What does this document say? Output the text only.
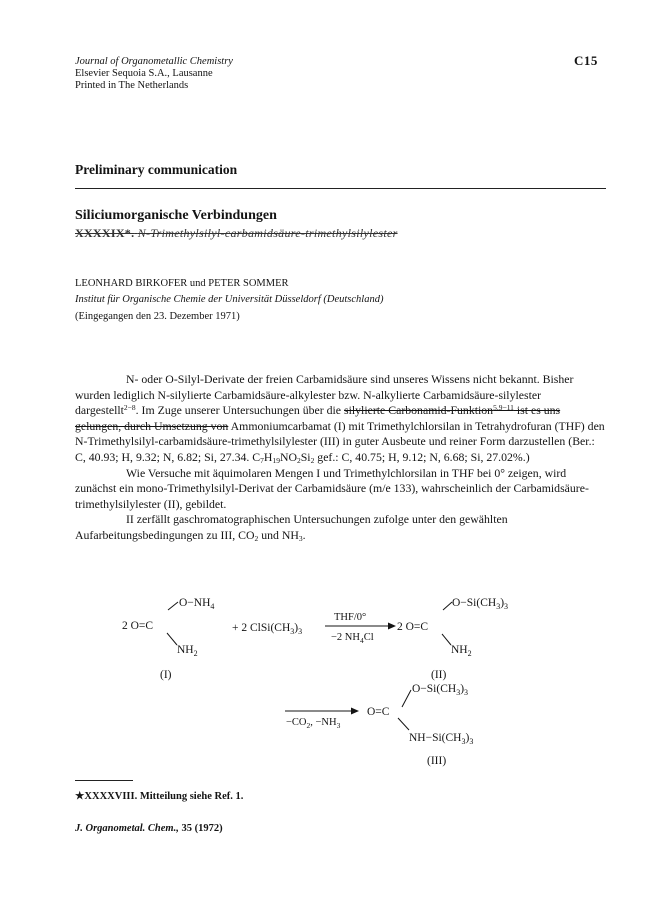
Journal of Organometallic Chemistry
Elsevier Sequoia S.A., Lausanne
Printed in The Netherlands
C15
Preliminary communication
Siliciumorganische Verbindungen
XXXXIX*. N-Trimethylsilyl-carbamidsäure-trimethylsilylester
LEONHARD BIRKOFER und PETER SOMMER
Institut für Organische Chemie der Universität Düsseldorf (Deutschland)
(Eingegangen den 23. Dezember 1971)

N- oder O-Silyl-Derivate der freien Carbamidsäure sind unseres Wissens nicht bekannt. Bisher wurden lediglich N-silylierte Carbamidsäure-alkylester bzw. N-alkylierte Carbamidsäure-silylester dargestellt$^{2-8}$. Im Zuge unserer Untersuchungen über die silylierte Carbonamid-Funktion$^{5,9-11}$ ist es uns gelungen, durch Umsetzung von Ammoniumcarbamat (I) mit Trimethylchlorsilan in Tetrahydrofuran (THF) den N-Trimethylsilyl-carbamidsäure-trimethylsilylester (III) in guter Ausbeute und reiner Form darzustellen (Ber.: C, 40.93; H, 9.32; N, 6.82; Si, 27.34. $C_7H_{19}NO_2Si_2$ gef.: C, 40.75; H, 9.12; N, 6.68; Si, 27.02%.)

Wie Versuche mit äquimolaren Mengen I und Trimethylchlorsilan in THF bei 0° zeigen, wird zunächst ein mono-Trimethylsilyl-Derivat der Carbamidsäure (m/e 133), wahrscheinlich der Carbamidsäure-trimethylsilylester (II), gebildet.

II zerfällt gaschromatographischen Untersuchungen zufolge unter den gewählten Aufarbeitungsbedingungen zu III, $CO_2$ und $NH_3$.

$O-NH_4$
2 O=C
$NH_2$
(I)
+ 2 $ClSi(CH_3)_3$
THF/0°
−2 $NH_4Cl$
$O-Si(CH_3)_3$
2 O=C
$NH_2$
(II)
$-CO_2$, $-NH_3$
$O-Si(CH_3)_3$
O=C
$NH-Si(CH_3)_3$
(III)
★XXXXVIII. Mitteilung siehe Ref. 1.
J. Organometal. Chem., 35 (1972)
